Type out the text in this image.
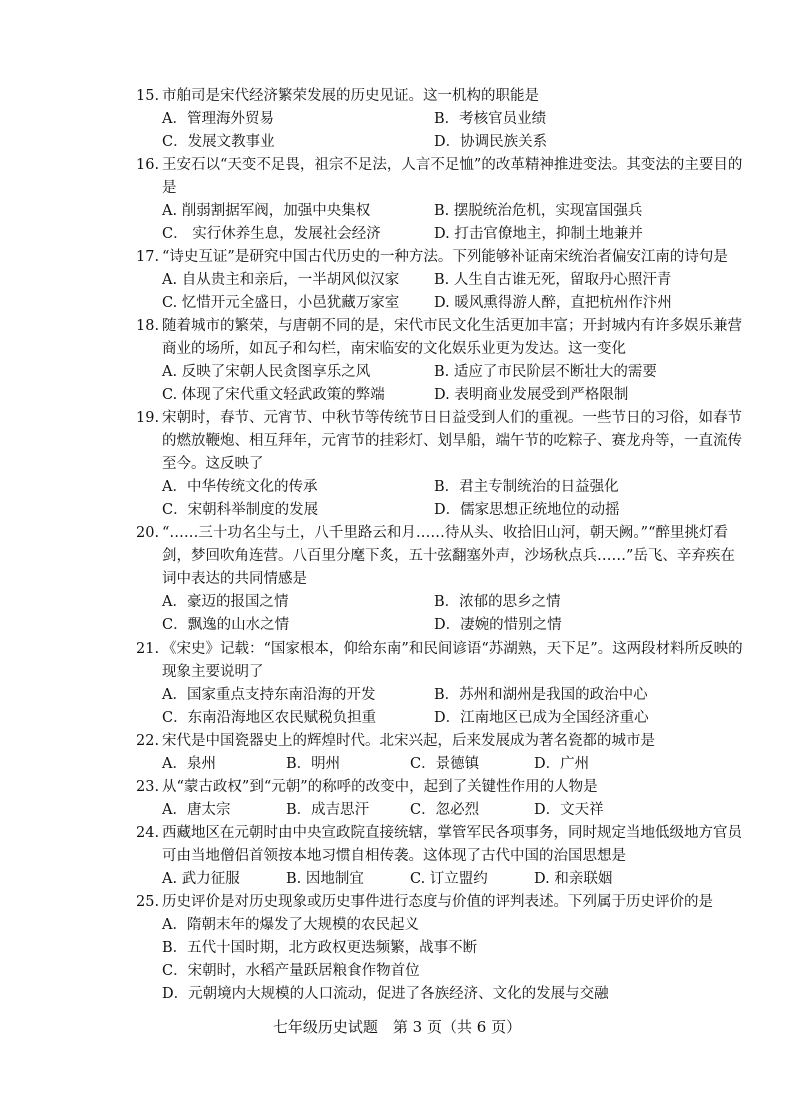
15. 市舶司是宋代经济繁荣发展的历史见证。这一机构的职能是
A．管理海外贸易	B．考核官员业绩
C．发展文教事业	D．协调民族关系
16. 王安石以“天变不足畏，祖宗不足法，人言不足恤”的改革精神推进变法。其变法的主要目的是
A. 削弱割据军阀，加强中央集权	B. 摆脱统治危机，实现富国强兵
C． 实行休养生息，发展社会经济	D. 打击官僚地主，抑制土地兼并
17. “诗史互证”是研究中国古代历史的一种方法。下列能够补证南宋统治者偏安江南的诗句是
A. 自从贵主和亲后，一半胡风似汉家	B. 人生自古谁无死，留取丹心照汗青
C. 忆惜开元全盛日，小邑犹藏万家室	D. 暖风熏得游人醉，直把杭州作汴州
18. 随着城市的繁荣，与唐朝不同的是，宋代市民文化生活更加丰富；开封城内有许多娱乐兼营商业的场所，如瓦子和勾栏，南宋临安的文化娱乐业更为发达。这一变化
A. 反映了宋朝人民贪图享乐之风	B. 适应了市民阶层不断壮大的需要
C. 体现了宋代重文轻武政策的弊端	D. 表明商业发展受到严格限制
19. 宋朝时，春节、元宵节、中秋节等传统节日日益受到人们的重视。一些节日的习俗，如春节的燃放鞭炮、相互拜年，元宵节的挂彩灯、划旱船，端午节的吃粽子、赛龙舟等，一直流传至今。这反映了
A．中华传统文化的传承	B．君主专制统治的日益强化
C．宋朝科举制度的发展	D．儒家思想正统地位的动摇
20. “……三十功名尘与土，八千里路云和月……待从头、收拾旧山河，朝天阙。”“醉里挑灯看剑，梦回吹角连营。八百里分麾下炙，五十弦翻塞外声，沙场秋点兵……”岳飞、辛弃疾在词中表达的共同情感是
A．豪迈的报国之情	B．浓郁的思乡之情
C．飘逸的山水之情	D．凄婉的惜别之情
21. 《宋史》记载：“国家根本，仰给东南”和民间谚语“苏湖熟，天下足”。这两段材料所反映的现象主要说明了
A．国家重点支持东南沿海的开发	B．苏州和湖州是我国的政治中心
C．东南沿海地区农民赋税负担重	D．江南地区已成为全国经济重心
22. 宋代是中国瓷器史上的辉煌时代。北宋兴起，后来发展成为著名瓷都的城市是
A．泉州	B．明州	C．景德镇	D．广州
23. 从“蒙古政权”到“元朝”的称呼的改变中，起到了关键性作用的人物是
A．唐太宗	B．成吉思汗	C．忽必烈	D．文天祥
24. 西藏地区在元朝时由中央宣政院直接统辖，掌管军民各项事务，同时规定当地低级地方官员可由当地僧侣首领按本地习惯自相传袭。这体现了古代中国的治国思想是
A. 武力征服	B. 因地制宜	C. 订立盟约	D. 和亲联姻
25. 历史评价是对历史现象或历史事件进行态度与价值的评判表述。下列属于历史评价的是
A．隋朝末年的爆发了大规模的农民起义
B．五代十国时期，北方政权更迭频繁，战事不断
C．宋朝时，水稻产量跃居粮食作物首位
D．元朝境内大规模的人口流动，促进了各族经济、文化的发展与交融
七年级历史试题　第 3 页（共 6 页）
